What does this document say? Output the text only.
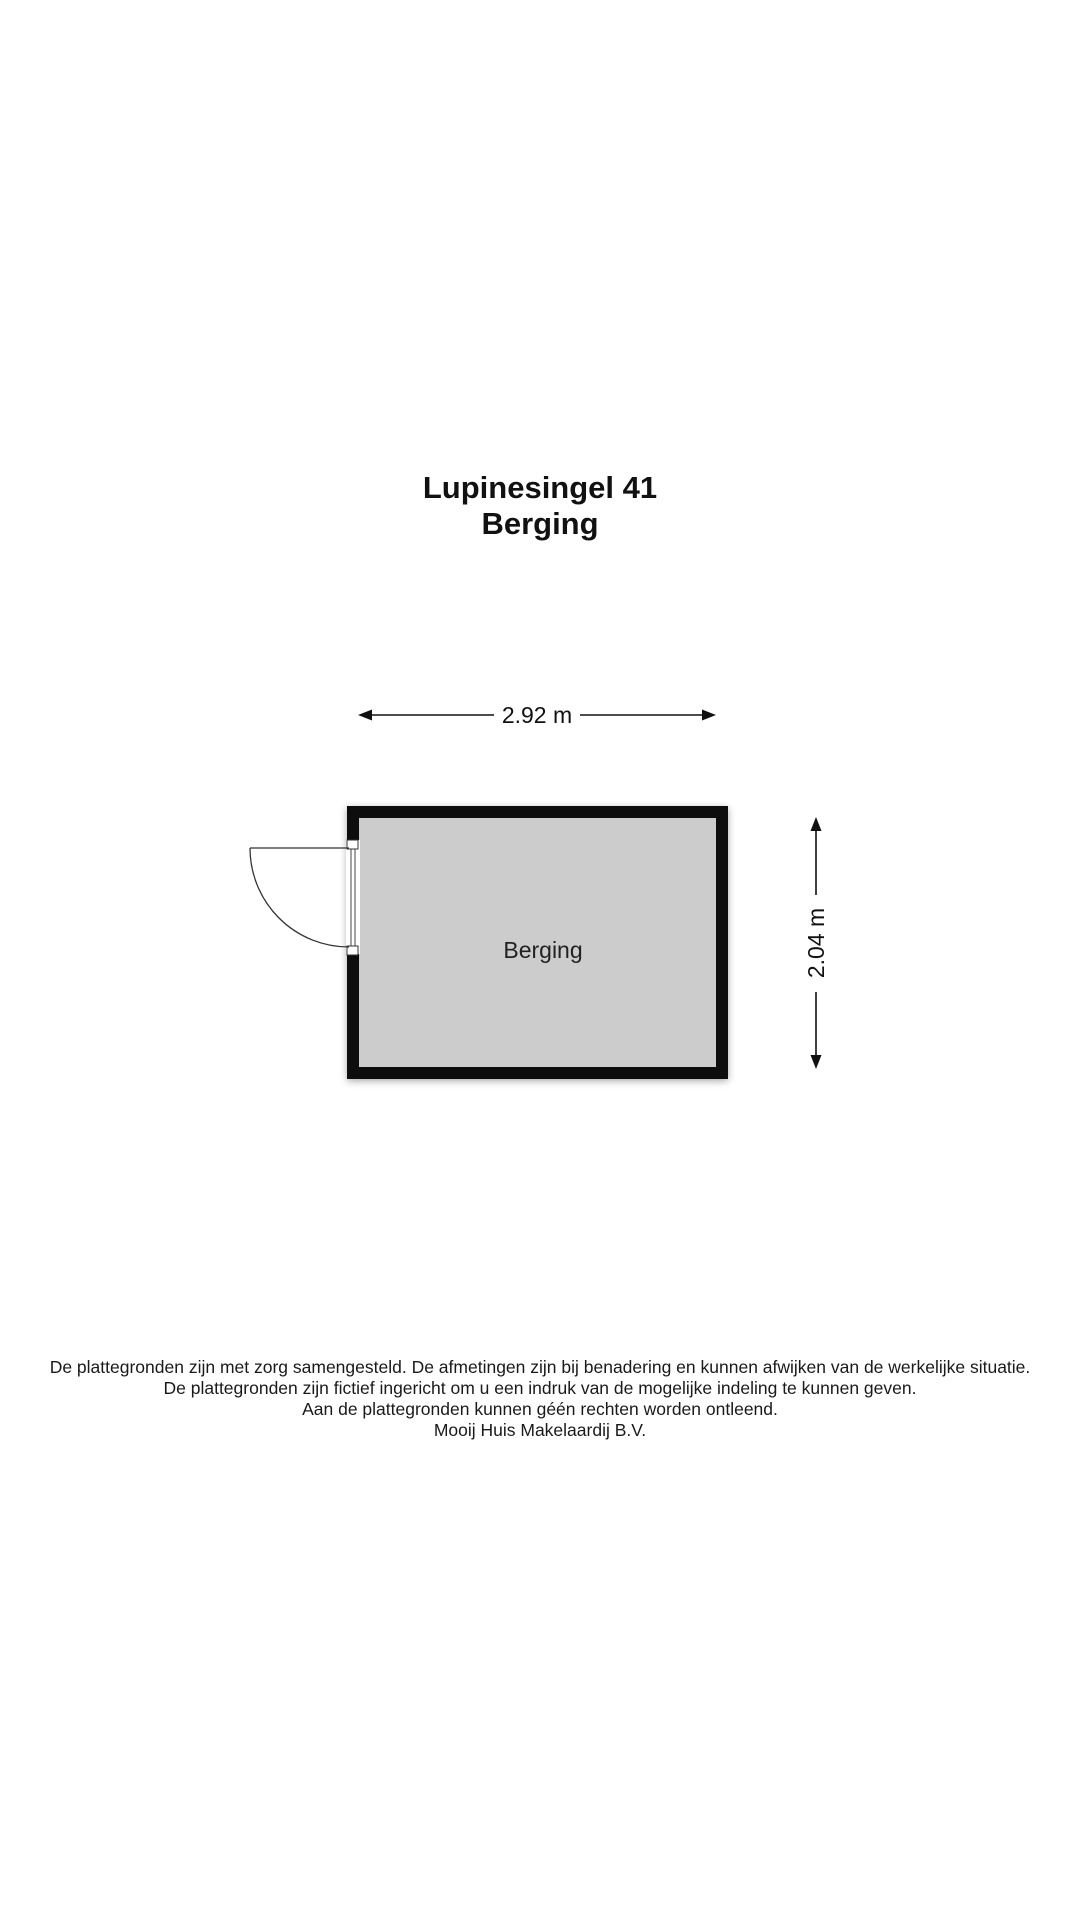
Lupinesingel 41

Berging

2.92 m
2.04 m
Berging

De plattegronden zijn met zorg samengesteld. De afmetingen zijn bij benadering en kunnen afwijken van de werkelijke situatie.

De plattegronden zijn fictief ingericht om u een indruk van de mogelijke indeling te kunnen geven.

Aan de plattegronden kunnen géén rechten worden ontleend.

Mooij Huis Makelaardij B.V.
